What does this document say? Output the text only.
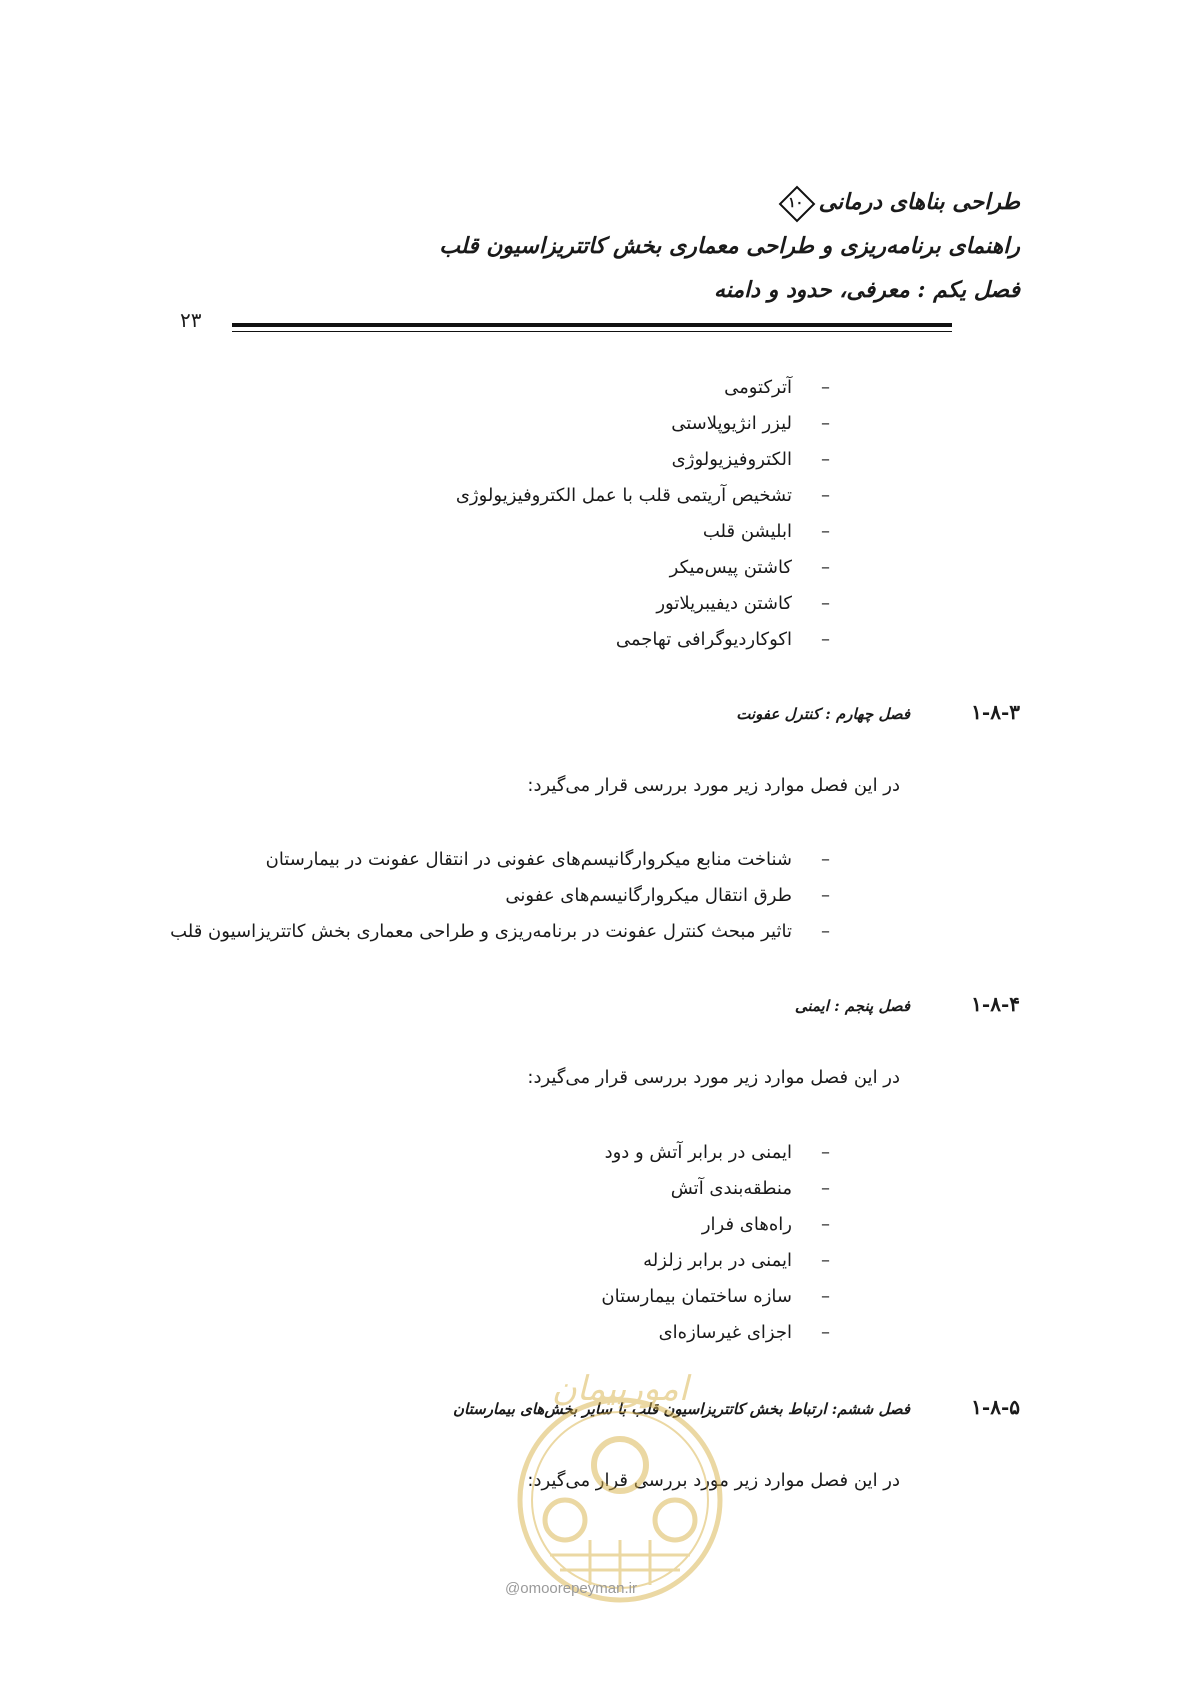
طراحی بناهای درمانی
۱۰
راهنمای برنامه‌ریزی و طراحی معماری بخش کاتتریزاسیون قلب
فصل یکم : معرفی، حدود و دامنه
۲۳
–آترکتومی
–لیزر انژیوپلاستی
–الکتروفیزیولوژی
–تشخیص آریتمی قلب با عمل الکتروفیزیولوژی
–ابلیشن قلب
–کاشتن پیس‌میکر
–کاشتن دیفیبریلاتور
–اکوکاردیوگرافی تهاجمی
۱-۸-۳فصل چهارم : کنترل عفونت
در این فصل موارد زیر مورد بررسی قرار می‌گیرد:
–شناخت منابع میکروارگانیسم‌های عفونی در انتقال عفونت در بیمارستان
–طرق انتقال میکروارگانیسم‌های عفونی
–تاثیر مبحث کنترل عفونت در برنامه‌ریزی و طراحی معماری بخش کاتتریزاسیون قلب
۱-۸-۴فصل پنجم : ایمنی
در این فصل موارد زیر مورد بررسی قرار می‌گیرد:
–ایمنی در برابر آتش و دود
–منطقه‌بندی آتش
–راه‌های فرار
–ایمنی در برابر زلزله
–سازه ساختمان بیمارستان
–اجزای غیرسازه‌ای
۱-۸-۵فصل ششم: ارتباط بخش کاتتریزاسیون قلب با سایر بخش‌های بیمارستان
در این فصل موارد زیر مورد بررسی قرار می‌گیرد:
امورپیمان
@omoorepeyman.ir
